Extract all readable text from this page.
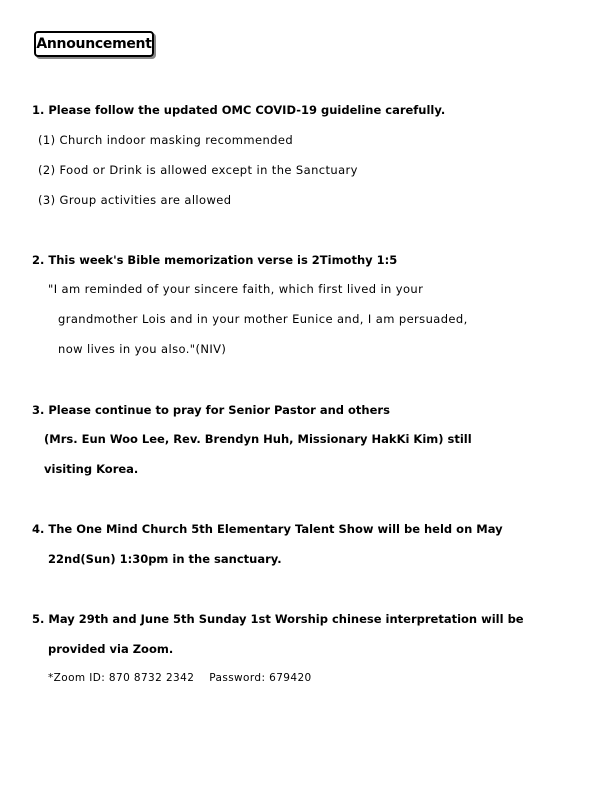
Announcement
1. Please follow the updated OMC COVID-19 guideline carefully.
(1) Church indoor masking recommended
(2) Food or Drink is allowed except in the Sanctuary
(3) Group activities are allowed
2. This week's Bible memorization verse is 2Timothy 1:5
"I am reminded of your sincere faith, which first lived in your
grandmother Lois and in your mother Eunice and, I am persuaded,
now lives in you also."(NIV)
3. Please continue to pray for Senior Pastor and others
(Mrs. Eun Woo Lee, Rev. Brendyn Huh, Missionary HakKi Kim) still
visiting Korea.
4. The One Mind Church 5th Elementary Talent Show will be held on May
22nd(Sun) 1:30pm in the sanctuary.
5. May 29th and June 5th Sunday 1st Worship chinese interpretation will be
provided via Zoom.
*Zoom ID: 870 8732 2342    Password: 679420
